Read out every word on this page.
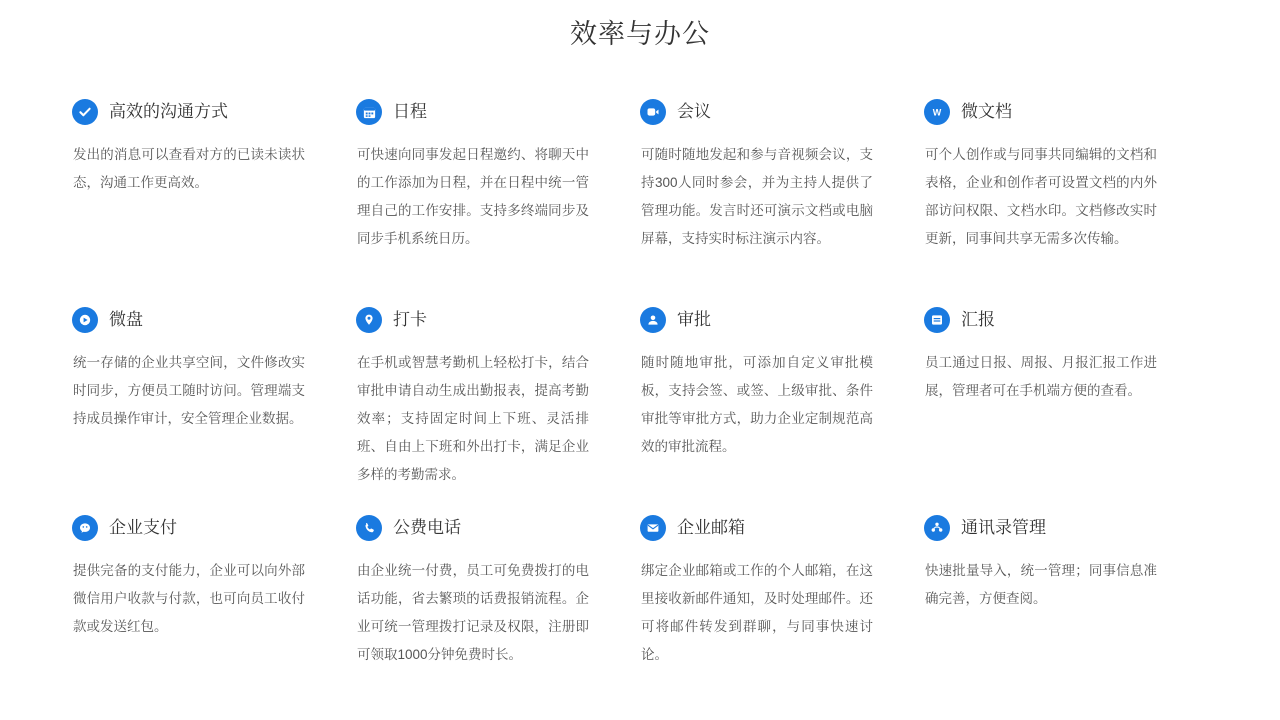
效率与办公
高效的沟通方式
发出的消息可以查看对方的已读未读状态，沟通工作更高效。
日程
可快速向同事发起日程邀约、将聊天中的工作添加为日程，并在日程中统一管理自己的工作安排。支持多终端同步及同步手机系统日历。
会议
可随时随地发起和参与音视频会议，支持300人同时参会，并为主持人提供了管理功能。发言时还可演示文档或电脑屏幕，支持实时标注演示内容。
W 微文档
可个人创作或与同事共同编辑的文档和表格，企业和创作者可设置文档的内外部访问权限、文档水印。文档修改实时更新，同事间共享无需多次传输。
微盘
统一存储的企业共享空间，文件修改实时同步，方便员工随时访问。管理端支持成员操作审计，安全管理企业数据。
打卡
在手机或智慧考勤机上轻松打卡，结合审批申请自动生成出勤报表，提高考勤效率；支持固定时间上下班、灵活排班、自由上下班和外出打卡，满足企业多样的考勤需求。
审批
随时随地审批，可添加自定义审批模板，支持会签、或签、上级审批、条件审批等审批方式，助力企业定制规范高效的审批流程。
汇报
员工通过日报、周报、月报汇报工作进展，管理者可在手机端方便的查看。
企业支付
提供完备的支付能力，企业可以向外部微信用户收款与付款，也可向员工收付款或发送红包。
公费电话
由企业统一付费，员工可免费拨打的电话功能，省去繁琐的话费报销流程。企业可统一管理拨打记录及权限，注册即可领取1000分钟免费时长。
企业邮箱
绑定企业邮箱或工作的个人邮箱，在这里接收新邮件通知，及时处理邮件。还可将邮件转发到群聊，与同事快速讨论。
通讯录管理
快速批量导入，统一管理；同事信息准确完善，方便查阅。
